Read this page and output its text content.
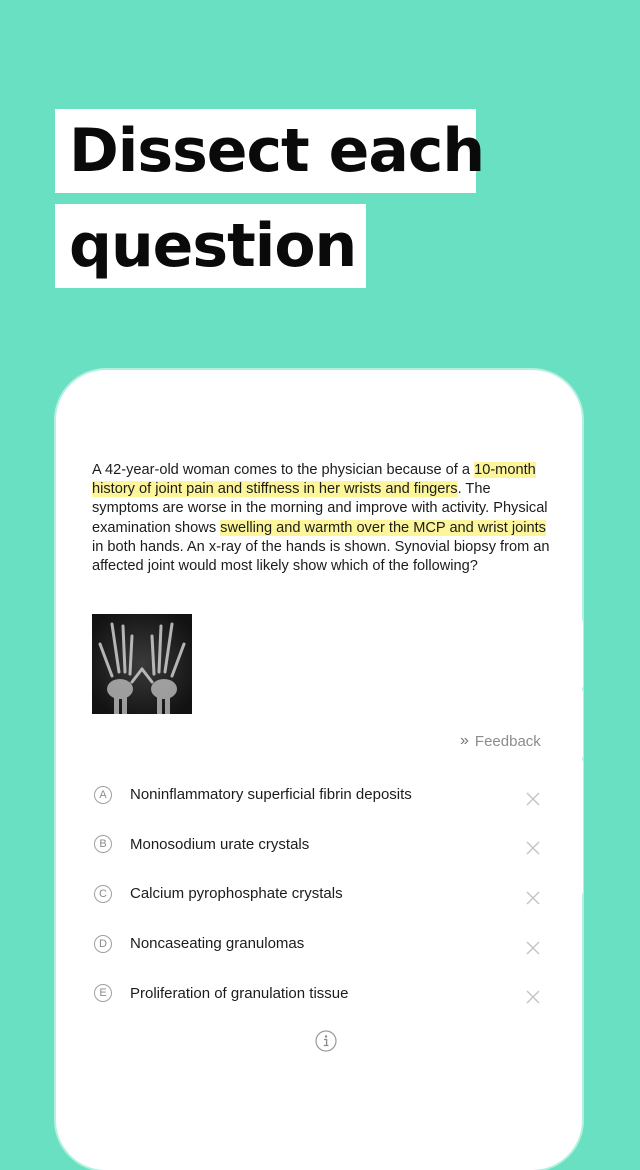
Dissect each
question
A 42-year-old woman comes to the physician because of a 10-month history of joint pain and stiffness in her wrists and fingers. The symptoms are worse in the morning and improve with activity. Physical examination shows swelling and warmth over the MCP and wrist joints in both hands. An x-ray of the hands is shown. Synovial biopsy from an affected joint would most likely show which of the following?
» Feedback
A	Noninflammatory superficial fibrin deposits
B	Monosodium urate crystals
C	Calcium pyrophosphate crystals
D	Noncaseating granulomas
E	Proliferation of granulation tissue
